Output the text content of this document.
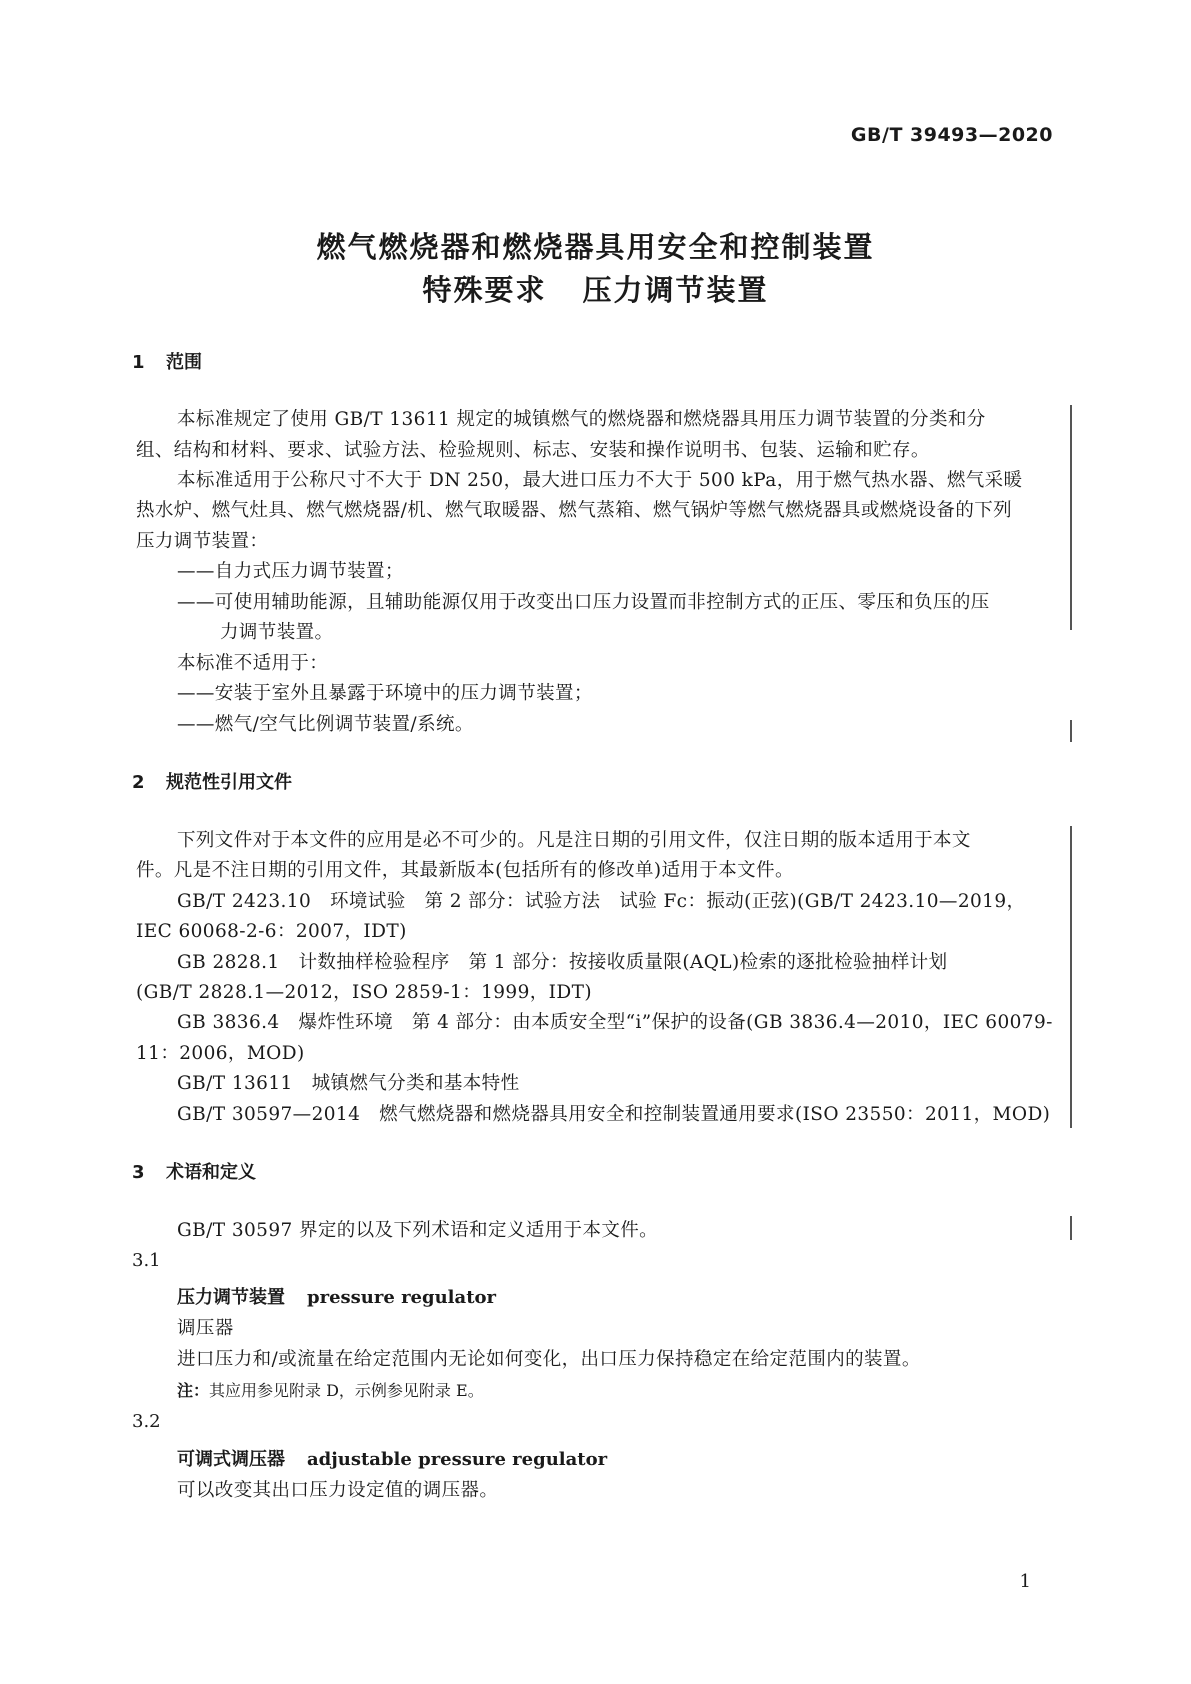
GB/T 39493—2020
燃气燃烧器和燃烧器具用安全和控制装置
特殊要求 压力调节装置
1 范围
本标准规定了使用 GB/T 13611 规定的城镇燃气的燃烧器和燃烧器具用压力调节装置的分类和分
组、结构和材料、要求、试验方法、检验规则、标志、安装和操作说明书、包装、运输和贮存。
本标准适用于公称尺寸不大于 DN 250，最大进口压力不大于 500 kPa，用于燃气热水器、燃气采暖
热水炉、燃气灶具、燃气燃烧器/机、燃气取暖器、燃气蒸箱、燃气锅炉等燃气燃烧器具或燃烧设备的下列
压力调节装置：
——自力式压力调节装置；
——可使用辅助能源，且辅助能源仅用于改变出口压力设置而非控制方式的正压、零压和负压的压
力调节装置。
本标准不适用于：
——安装于室外且暴露于环境中的压力调节装置；
——燃气/空气比例调节装置/系统。
2 规范性引用文件
下列文件对于本文件的应用是必不可少的。凡是注日期的引用文件，仅注日期的版本适用于本文
件。凡是不注日期的引用文件，其最新版本(包括所有的修改单)适用于本文件。
GB/T 2423.10　环境试验　第 2 部分：试验方法　试验 Fc：振动(正弦)(GB/T 2423.10—2019，
IEC 60068-2-6：2007，IDT)
GB 2828.1　计数抽样检验程序　第 1 部分：按接收质量限(AQL)检索的逐批检验抽样计划
(GB/T 2828.1—2012，ISO 2859-1：1999，IDT)
GB 3836.4　爆炸性环境　第 4 部分：由本质安全型“i”保护的设备(GB 3836.4—2010，IEC 60079-
11：2006，MOD)
GB/T 13611　城镇燃气分类和基本特性
GB/T 30597—2014　燃气燃烧器和燃烧器具用安全和控制装置通用要求(ISO 23550：2011，MOD)
3 术语和定义
GB/T 30597 界定的以及下列术语和定义适用于本文件。
3.1
压力调节装置 pressure regulator
调压器
进口压力和/或流量在给定范围内无论如何变化，出口压力保持稳定在给定范围内的装置。
注：其应用参见附录 D，示例参见附录 E。
3.2
可调式调压器 adjustable pressure regulator
可以改变其出口压力设定值的调压器。
1
